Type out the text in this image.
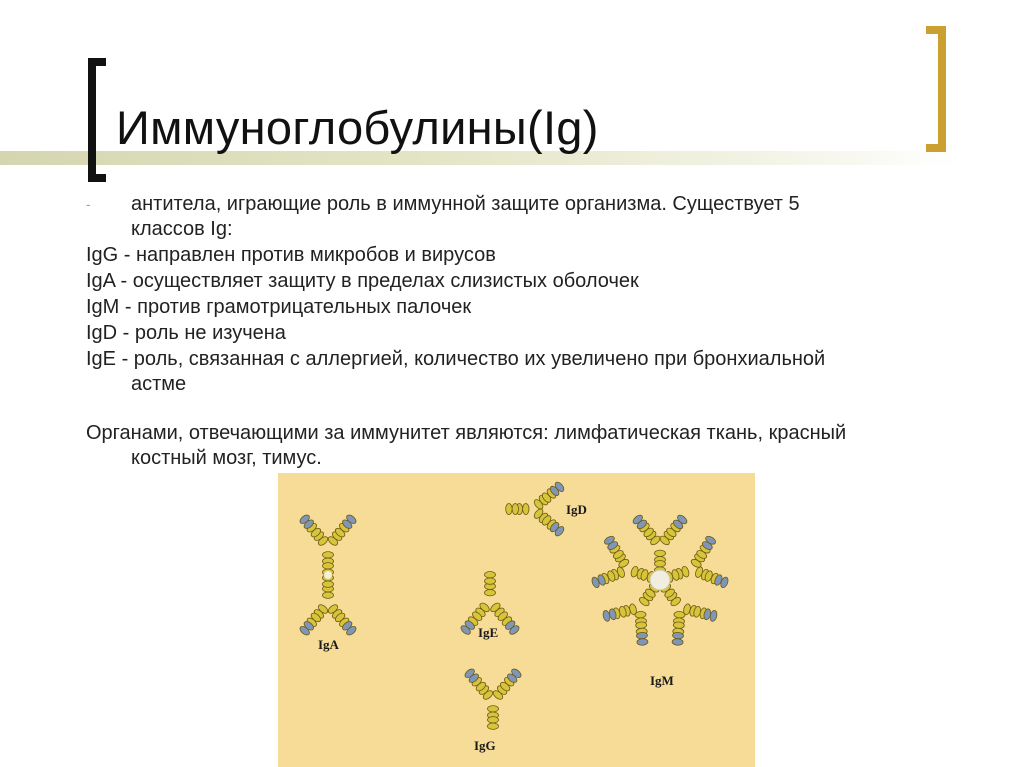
Иммуноглобулины(Ig)

- антитела, играющие роль в иммунной защите организма. Существует 5
классов Ig:

IgG - направлен против микробов и вирусов

IgA - осуществляет защиту в пределах слизистых оболочек

IgM - против грамотрицательных палочек

IgD - роль не изучена

IgE - роль, связанная с аллергией, количество их увеличено при бронхиальной
астме

Органами, отвечающими за иммунитет являются: лимфатическая ткань, красный
костный мозг, тимус.

IgA
IgD
IgE
IgM
IgG
